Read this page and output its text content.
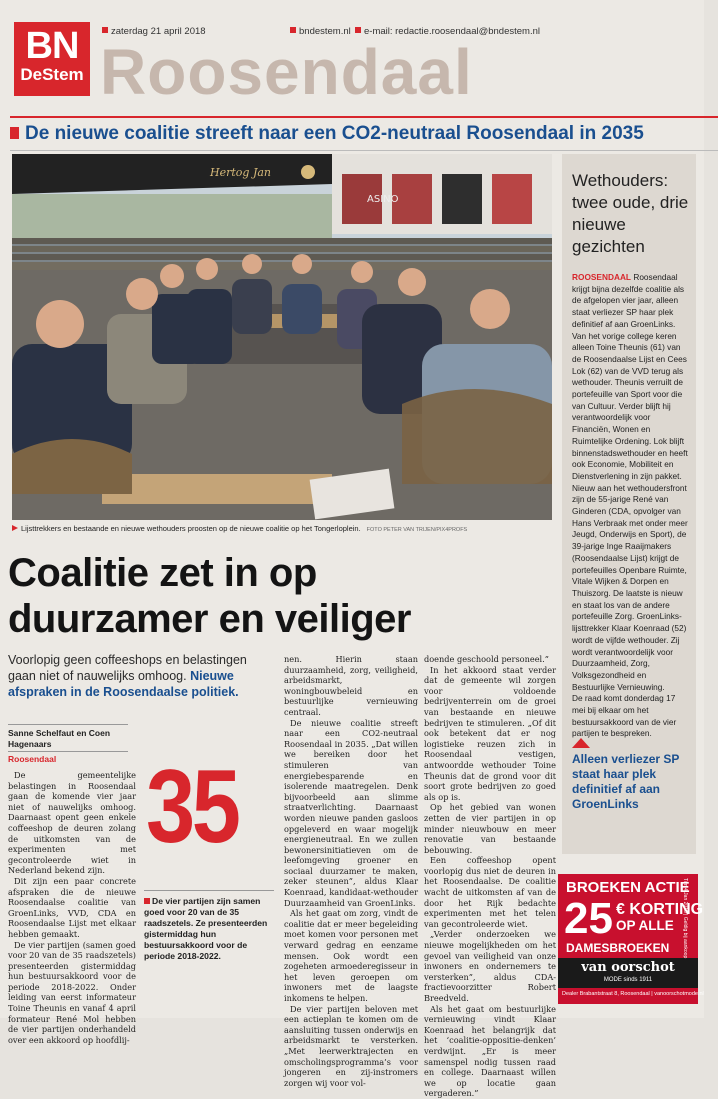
BN
DeStem
zaterdag 21 april 2018	bndestem.nl	e-mail: redactie.roosendaal@bndestem.nl
Roosendaal
De nieuwe coalitie streeft naar een CO2-neutraal Roosendaal in 2035
ASINO
Hertog Jan
Lijsttrekkers en bestaande en nieuwe wethouders proosten op de nieuwe coalitie op het Tongerloplein. FOTO PETER VAN TRIJEN/PIX4PROFS
Wethouders: twee oude, drie nieuwe gezichten

ROOSENDAAL Roosendaal krijgt bijna dezelfde coalitie als de afgelopen vier jaar, alleen staat verliezer SP haar plek definitief af aan GroenLinks.

Van het vorige college keren alleen Toine Theunis (61) van de Roosendaalse Lijst en Cees Lok (62) van de VVD terug als wethouder. Theunis verruilt de portefeuille van Sport voor die van Cultuur. Verder blijft hij verantwoordelijk voor Financiën, Wonen en Ruimtelijke Ordening. Lok blijft binnenstadswethouder en heeft ook Economie, Mobiliteit en Dienstverlening in zijn pakket.

Nieuw aan het wethoudersfront zijn de 55-jarige René van Ginderen (CDA, opvolger van Hans Verbraak met onder meer Jeugd, Onderwijs en Sport), de 39-jarige Inge Raaijmakers (Roosendaalse Lijst) krijgt de portefeuilles Openbare Ruimte, Vitale Wijken & Dorpen en Thuiszorg. De laatste is nieuw en staat los van de andere portefeuille Zorg. GroenLinks-lijsttrekker Klaar Koenraad (52) wordt de vijfde wethouder. Zij wordt verantwoordelijk voor Duurzaamheid, Zorg, Volksgezondheid en Bestuurlijke Vernieuwing.

De raad komt donderdag 17 mei bij elkaar om het bestuursakkoord van de vier partijen te bespreken.

Alleen verliezer SP staat haar plek definitief af aan GroenLinks
BROEKEN ACTIE
25 € KORTING
OP ALLE
DAMESBROEKEN
van oorschot
MODE sinds 1911
Dealer Brabantstraat 8, Roosendaal | vanoorschotmode.nl
T/m 4 Jan 2018 | Geldig bij aankoop
Coalitie zet in op
duurzamer en veiliger
Voorlopig geen coffeeshops en belastingen gaan niet of nauwelijks omhoog. Nieuwe afspraken in de Roosendaalse politiek.
Sanne Schelfaut en Coen Hagenaars
Roosendaal

De gemeentelijke belastingen in Roosendaal gaan de komende vier jaar niet of nauwelijks omhoog. Daarnaast opent geen enkele coffeeshop de deuren zolang de uitkomsten van de experimenten met gecontroleerde wiet in Nederland bekend zijn.

Dit zijn een paar concrete afspraken die de nieuwe Roosendaalse coalitie van GroenLinks, VVD, CDA en Roosendaalse Lijst met elkaar hebben gemaakt.

De vier partijen (samen goed voor 20 van de 35 raadszetels) presenteerden gistermiddag hun bestuursakkoord voor de periode 2018-2022. Onder leiding van eerst informateur Toine Theunis en vanaf 4 april formateur René Mol hebben de vier partijen onderhandeld over een akkoord op hoofdlij-

35
De vier partijen zijn samen goed voor 20 van de 35 raadszetels. Ze presenteerden gistermiddag hun bestuursakkoord voor de periode 2018-2022.

nen. Hierin staan duurzaamheid, zorg, veiligheid, arbeidsmarkt, woningbouwbeleid en bestuurlijke vernieuwing centraal.

De nieuwe coalitie streeft naar een CO2-neutraal Roosendaal in 2035. „Dat willen we bereiken door het stimuleren van energiebesparende en isolerende maatregelen. Denk bijvoorbeeld aan slimme straatverlichting. Daarnaast worden nieuwe panden gasloos opgeleverd en waar mogelijk energieneutraal. En we zullen bewonersinitiatieven om de leefomgeving groener en sociaal duurzamer te maken, zeker steunen”, aldus Klaar Koenraad, kandidaat-wethouder Duurzaamheid van GroenLinks.

Als het gaat om zorg, vindt de coalitie dat er meer begeleiding moet komen voor personen met verward gedrag en eenzame mensen. Ook wordt een zogeheten armoederegisseur in het leven geroepen om inwoners met de laagste inkomens te helpen.

De vier partijen beloven met een actieplan te komen om de aansluiting tussen onderwijs en arbeidsmarkt te versterken. „Met leerwerktrajecten en omscholingsprogramma’s voor jongeren en zij-instromers zorgen wij voor vol-

doende geschoold personeel.”

In het akkoord staat verder dat de gemeente wil zorgen voor voldoende bedrijventerrein om de groei van bestaande en nieuwe bedrijven te stimuleren. „Of dit ook betekent dat er nog logistieke reuzen zich in Roosendaal vestigen, antwoordde wethouder Toine Theunis dat de grond voor dit soort grote bedrijven zo goed als op is.

Op het gebied van wonen zetten de vier partijen in op minder nieuwbouw en meer renovatie van bestaande bebouwing.

Een coffeeshop opent voorlopig dus niet de deuren in het Roosendaalse. De coalitie wacht de uitkomsten af van de door het Rijk bedachte experimenten met het telen van gecontroleerde wiet.

„Verder onderzoeken we nieuwe mogelijkheden om het gevoel van veiligheid van onze inwoners en ondernemers te versterken”, aldus CDA-fractievoorzitter Robert Breedveld.

Als het gaat om bestuurlijke vernieuwing vindt Klaar Koenraad het belangrijk dat het ‘coalitie-oppositie-denken’ verdwijnt. „Er is meer samenspel nodig tussen raad en college. Daarnaast willen we op locatie gaan vergaderen.”
